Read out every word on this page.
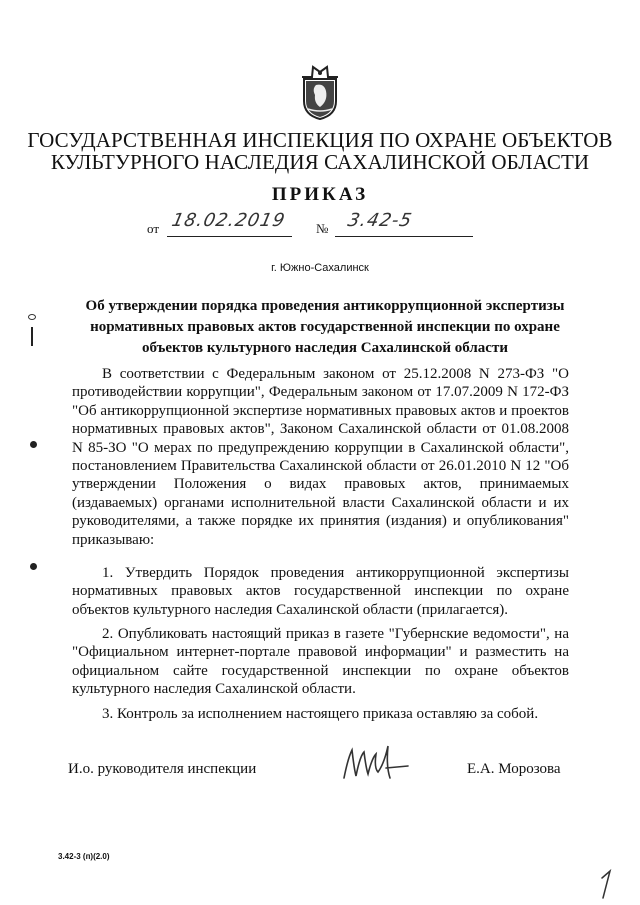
ГОСУДАРСТВЕННАЯ ИНСПЕКЦИЯ ПО ОХРАНЕ ОБЪЕКТОВ
КУЛЬТУРНОГО НАСЛЕДИЯ САХАЛИНСКОЙ ОБЛАСТИ
ПРИКАЗ
от 18.02.2019 № 3.42-5
г. Южно-Сахалинск
Об утверждении порядка проведения антикоррупционной экспертизы нормативных правовых актов государственной инспекции по охране объектов культурного наследия Сахалинской области
В соответствии с Федеральным законом от 25.12.2008 N 273-ФЗ "О противодействии коррупции", Федеральным законом от 17.07.2009 N 172-ФЗ "Об антикоррупционной экспертизе нормативных правовых актов и проектов нормативных правовых актов", Законом Сахалинской области от 01.08.2008 N 85-ЗО "О мерах по предупреждению коррупции в Сахалинской области", постановлением Правительства Сахалинской области от 26.01.2010 N 12 "Об утверждении Положения о видах правовых актов, принимаемых (издаваемых) органами исполнительной власти Сахалинской области и их руководителями, а также порядке их принятия (издания) и опубликования" приказываю:
1. Утвердить Порядок проведения антикоррупционной экспертизы нормативных правовых актов государственной инспекции по охране объектов культурного наследия Сахалинской области (прилагается).
2. Опубликовать настоящий приказ в газете "Губернские ведомости", на "Официальном интернет-портале правовой информации" и разместить на официальном сайте государственной инспекции по охране объектов культурного наследия Сахалинской области.
3. Контроль за исполнением настоящего приказа оставляю за собой.
И.о. руководителя инспекции	Е.А. Морозова
3.42-3 (п)(2.0)
